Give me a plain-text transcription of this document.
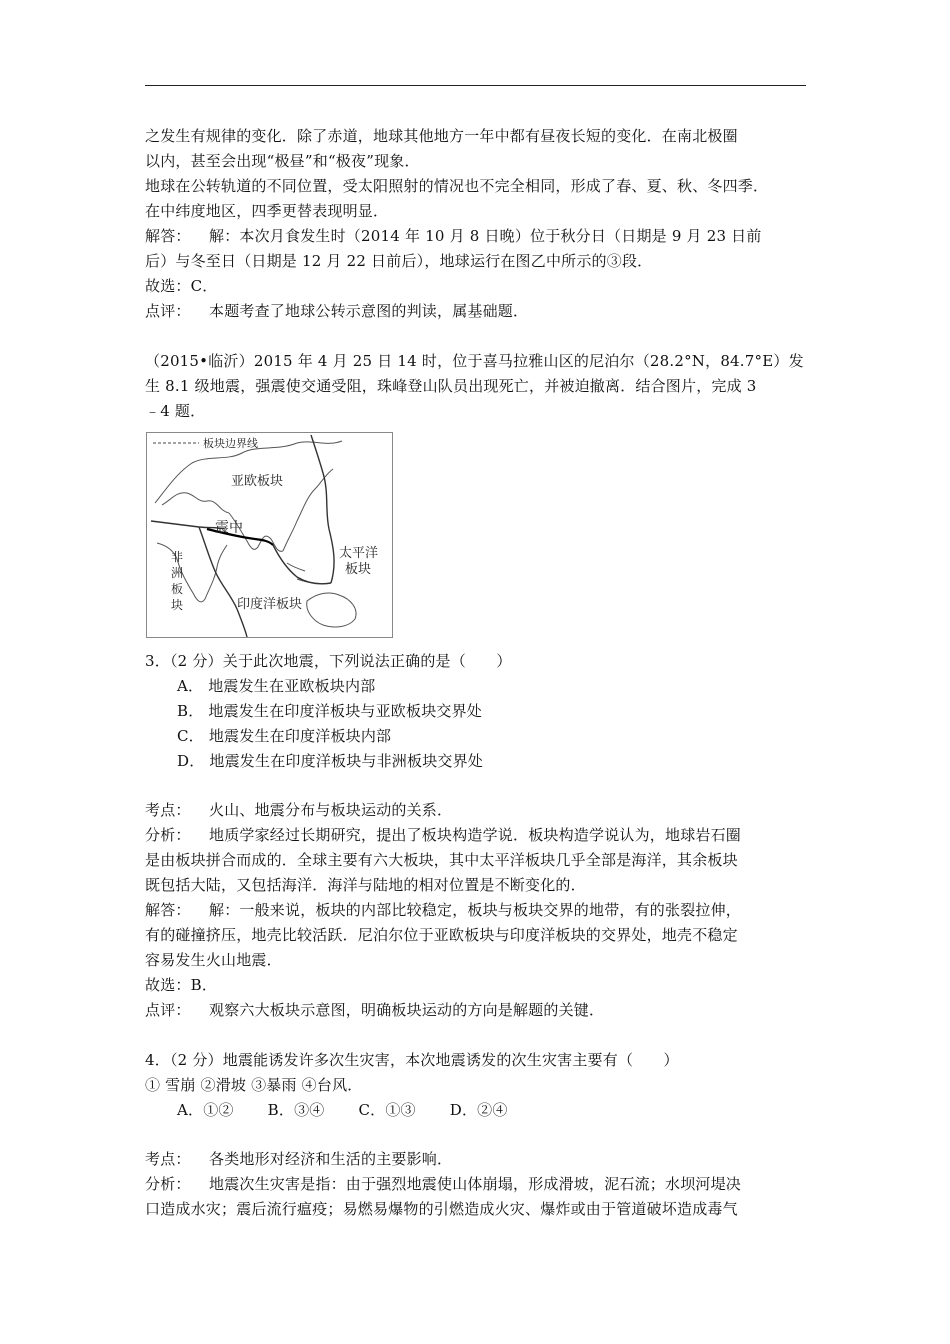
之发生有规律的变化．除了赤道，地球其他地方一年中都有昼夜长短的变化．在南北极圈
以内，甚至会出现“极昼”和“极夜”现象．
地球在公转轨道的不同位置，受太阳照射的情况也不完全相同，形成了春、夏、秋、冬四季．
在中纬度地区，四季更替表现明显．
解答： 解：本次月食发生时（2014 年 10 月 8 日晚）位于秋分日（日期是 9 月 23 日前
后）与冬至日（日期是 12 月 22 日前后），地球运行在图乙中所示的③段．
故选：C．
点评： 本题考查了地球公转示意图的判读，属基础题．
（2015•临沂）2015 年 4 月 25 日 14 时，位于喜马拉雅山区的尼泊尔（28.2°N，84.7°E）发
生 8.1 级地震，强震使交通受阻，珠峰登山队员出现死亡，并被迫撤离．结合图片，完成 3
﹣4 题．
板块边界线
亚欧板块
震中
太平洋
板块
非
洲
板
块	印度洋板块
3．（2 分）关于此次地震，下列说法正确的是（　　）
A． 地震发生在亚欧板块内部
B． 地震发生在印度洋板块与亚欧板块交界处
C． 地震发生在印度洋板块内部
D． 地震发生在印度洋板块与非洲板块交界处
考点： 火山、地震分布与板块运动的关系．
分析： 地质学家经过长期研究，提出了板块构造学说．板块构造学说认为，地球岩石圈
是由板块拼合而成的．全球主要有六大板块，其中太平洋板块几乎全部是海洋，其余板块
既包括大陆，又包括海洋．海洋与陆地的相对位置是不断变化的．
解答： 解：一般来说，板块的内部比较稳定，板块与板块交界的地带，有的张裂拉伸，
有的碰撞挤压，地壳比较活跃．尼泊尔位于亚欧板块与印度洋板块的交界处，地壳不稳定
容易发生火山地震．
故选：B．
点评： 观察六大板块示意图，明确板块运动的方向是解题的关键．
4．（2 分）地震能诱发许多次生灾害，本次地震诱发的次生灾害主要有（　　）
① 雪崩 ②滑坡 ③暴雨 ④台风．
A．①② B．③④ C．①③ D．②④
考点： 各类地形对经济和生活的主要影响．
分析： 地震次生灾害是指：由于强烈地震使山体崩塌，形成滑坡，泥石流；水坝河堤决
口造成水灾；震后流行瘟疫；易燃易爆物的引燃造成火灾、爆炸或由于管道破坏造成毒气
